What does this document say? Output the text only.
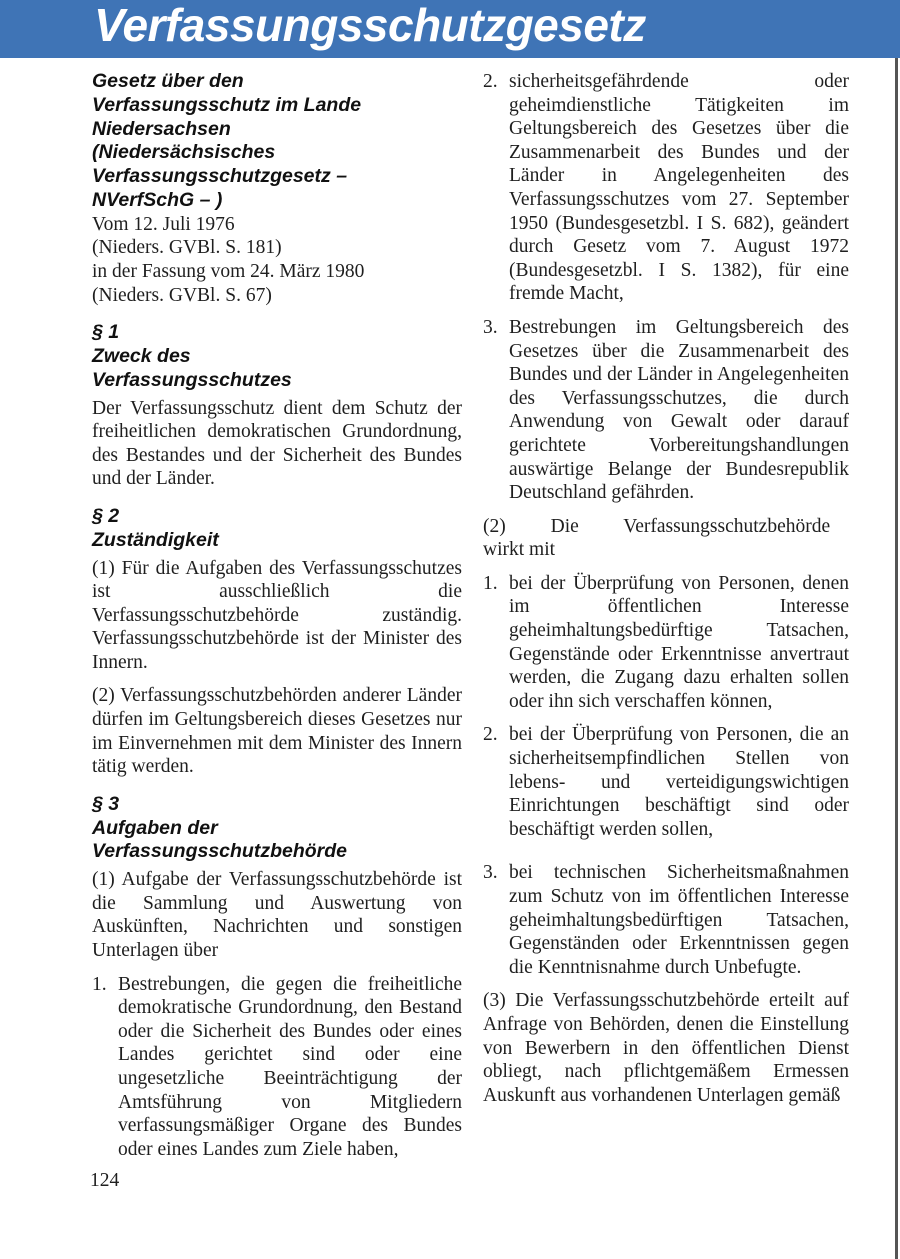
Verfassungsschutzgesetz
Gesetz über den
Verfassungsschutz im Lande
Niedersachsen
(Niedersächsisches
Verfassungsschutzgesetz –
NVerfSchG – )
Vom 12. Juli 1976
(Nieders. GVBl. S. 181)
in der Fassung vom 24. März 1980
(Nieders. GVBl. S. 67)
§ 1
Zweck des
Verfassungsschutzes

Der Verfassungsschutz dient dem Schutz der freiheitlichen demokratischen Grundordnung, des Bestandes und der Sicherheit des Bundes und der Länder.

§ 2
Zuständigkeit

(1) Für die Aufgaben des Verfassungsschutzes ist ausschließlich die Verfassungsschutzbehörde zuständig. Verfassungsschutzbehörde ist der Minister des Innern.

(2) Verfassungsschutzbehörden anderer Länder dürfen im Geltungsbereich dieses Gesetzes nur im Einvernehmen mit dem Minister des Innern tätig werden.

§ 3
Aufgaben der
Verfassungsschutzbehörde

(1) Aufgabe der Verfassungsschutzbehörde ist die Sammlung und Auswertung von Auskünften, Nachrichten und sonstigen Unterlagen über

1. Bestrebungen, die gegen die freiheitliche demokratische Grundordnung, den Bestand oder die Sicherheit des Bundes oder eines Landes gerichtet sind oder eine ungesetzliche Beeinträchtigung der Amtsführung von Mitgliedern verfassungsmäßiger Organe des Bundes oder eines Landes zum Ziele haben,
2. sicherheitsgefährdende oder geheimdienstliche Tätigkeiten im Geltungsbereich des Gesetzes über die Zusammenarbeit des Bundes und der Länder in Angelegenheiten des Verfassungsschutzes vom 27. September 1950 (Bundesgesetzbl. I S. 682), geändert durch Gesetz vom 7. August 1972 (Bundesgesetzbl. I S. 1382), für eine fremde Macht,
3. Bestrebungen im Geltungsbereich des Gesetzes über die Zusammenarbeit des Bundes und der Länder in Angelegenheiten des Verfassungsschutzes, die durch Anwendung von Gewalt oder darauf gerichtete Vorbereitungshandlungen auswärtige Belange der Bundesrepublik Deutschland gefährden.
(2) Die Verfassungsschutzbehörde
wirkt mit
1. bei der Überprüfung von Personen, denen im öffentlichen Interesse geheimhaltungsbedürftige Tatsachen, Gegenstände oder Erkenntnisse anvertraut werden, die Zugang dazu erhalten sollen oder ihn sich verschaffen können,
2. bei der Überprüfung von Personen, die an sicherheitsempfindlichen Stellen von lebens- und verteidigungswichtigen Einrichtungen beschäftigt sind oder beschäftigt werden sollen,
3. bei technischen Sicherheitsmaßnahmen zum Schutz von im öffentlichen Interesse geheimhaltungsbedürftigen Tatsachen, Gegenständen oder Erkenntnissen gegen die Kenntnisnahme durch Unbefugte.

(3) Die Verfassungsschutzbehörde erteilt auf Anfrage von Behörden, denen die Einstellung von Bewerbern in den öffentlichen Dienst obliegt, nach pflichtgemäßem Ermessen Auskunft aus vorhandenen Unterlagen gemäß

124
